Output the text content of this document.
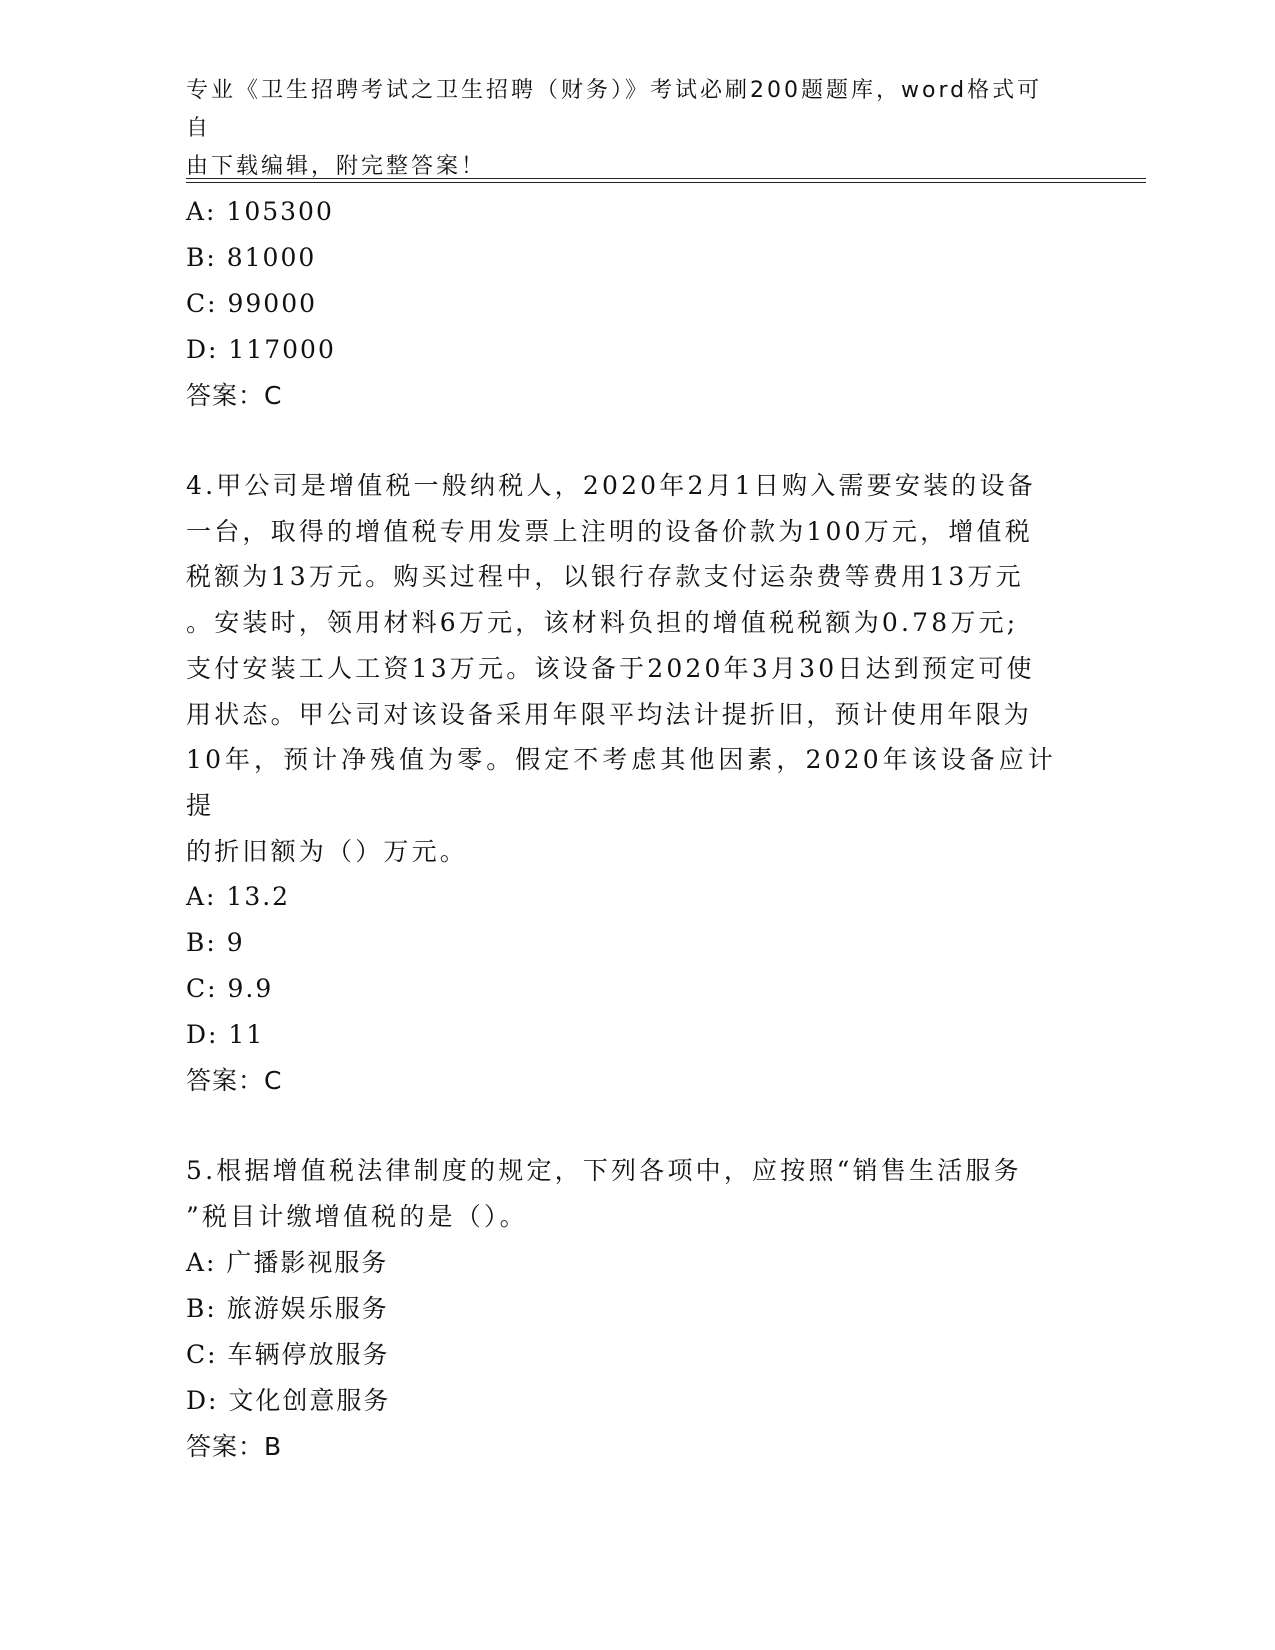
专业《卫生招聘考试之卫生招聘（财务）》考试必刷200题题库，word格式可自
由下载编辑，附完整答案！
A: 105300
B: 81000
C: 99000
D: 117000
答案：C
4.甲公司是增值税一般纳税人，2020年2月1日购入需要安装的设备
一台，取得的增值税专用发票上注明的设备价款为100万元，增值税
税额为13万元。购买过程中，以银行存款支付运杂费等费用13万元
。安装时，领用材料6万元，该材料负担的增值税税额为0.78万元;
支付安装工人工资13万元。该设备于2020年3月30日达到预定可使
用状态。甲公司对该设备采用年限平均法计提折旧，预计使用年限为
10年，预计净残值为零。假定不考虑其他因素，2020年该设备应计提
的折旧额为（）万元。
A: 13.2
B: 9
C: 9.9
D: 11
答案：C
5.根据增值税法律制度的规定，下列各项中，应按照“销售生活服务
”税目计缴增值税的是（）。
A: 广播影视服务
B: 旅游娱乐服务
C: 车辆停放服务
D: 文化创意服务
答案：B
